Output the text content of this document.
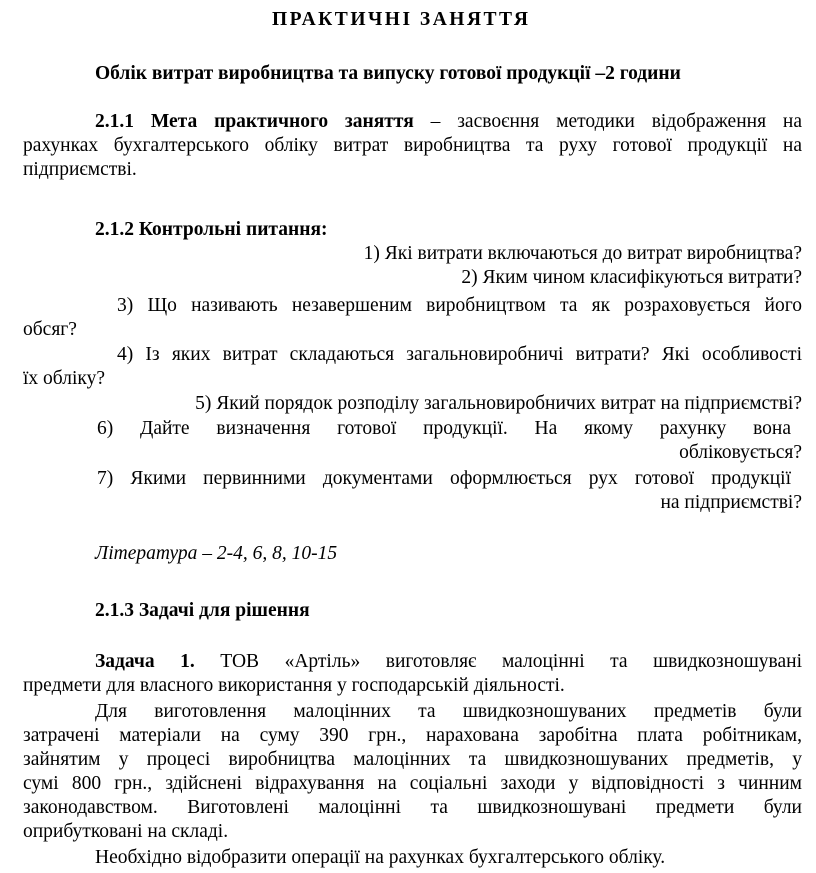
ПРАКТИЧНІ ЗАНЯТТЯ
Облік витрат виробництва та випуску готової продукції –2 години
2.1.1 Мета практичного заняття – засвоєння методики відображення на
рахунках бухгалтерського обліку витрат виробництва та руху готової продукції на
підприємстві.
2.1.2 Контрольні питання:
1) Які витрати включаються до витрат виробництва?
2) Яким чином класифікуються витрати?
3) Що називають незавершеним виробництвом та як розраховується його
обсяг?
4) Із яких витрат складаються загальновиробничі витрати? Які особливості
їх обліку?
5) Який порядок розподілу загальновиробничих витрат на підприємстві?
6) Дайте визначення готової продукції. На якому рахунку вона
обліковується?
7) Якими первинними документами оформлюється рух готової продукції
на підприємстві?
Література – 2-4, 6, 8, 10-15
2.1.3 Задачі для рішення
Задача 1. ТОВ «Артіль» виготовляє малоцінні та швидкозношувані
предмети для власного використання у господарській діяльності.
Для виготовлення малоцінних та швидкозношуваних предметів були
затрачені матеріали на суму 390 грн., нарахована заробітна плата робітникам,
зайнятим у процесі виробництва малоцінних та швидкозношуваних предметів, у
сумі 800 грн., здійснені відрахування на соціальні заходи у відповідності з чинним
законодавством. Виготовлені малоцінні та швидкозношувані предмети були
оприбутковані на складі.
Необхідно відобразити операції на рахунках бухгалтерського обліку.
